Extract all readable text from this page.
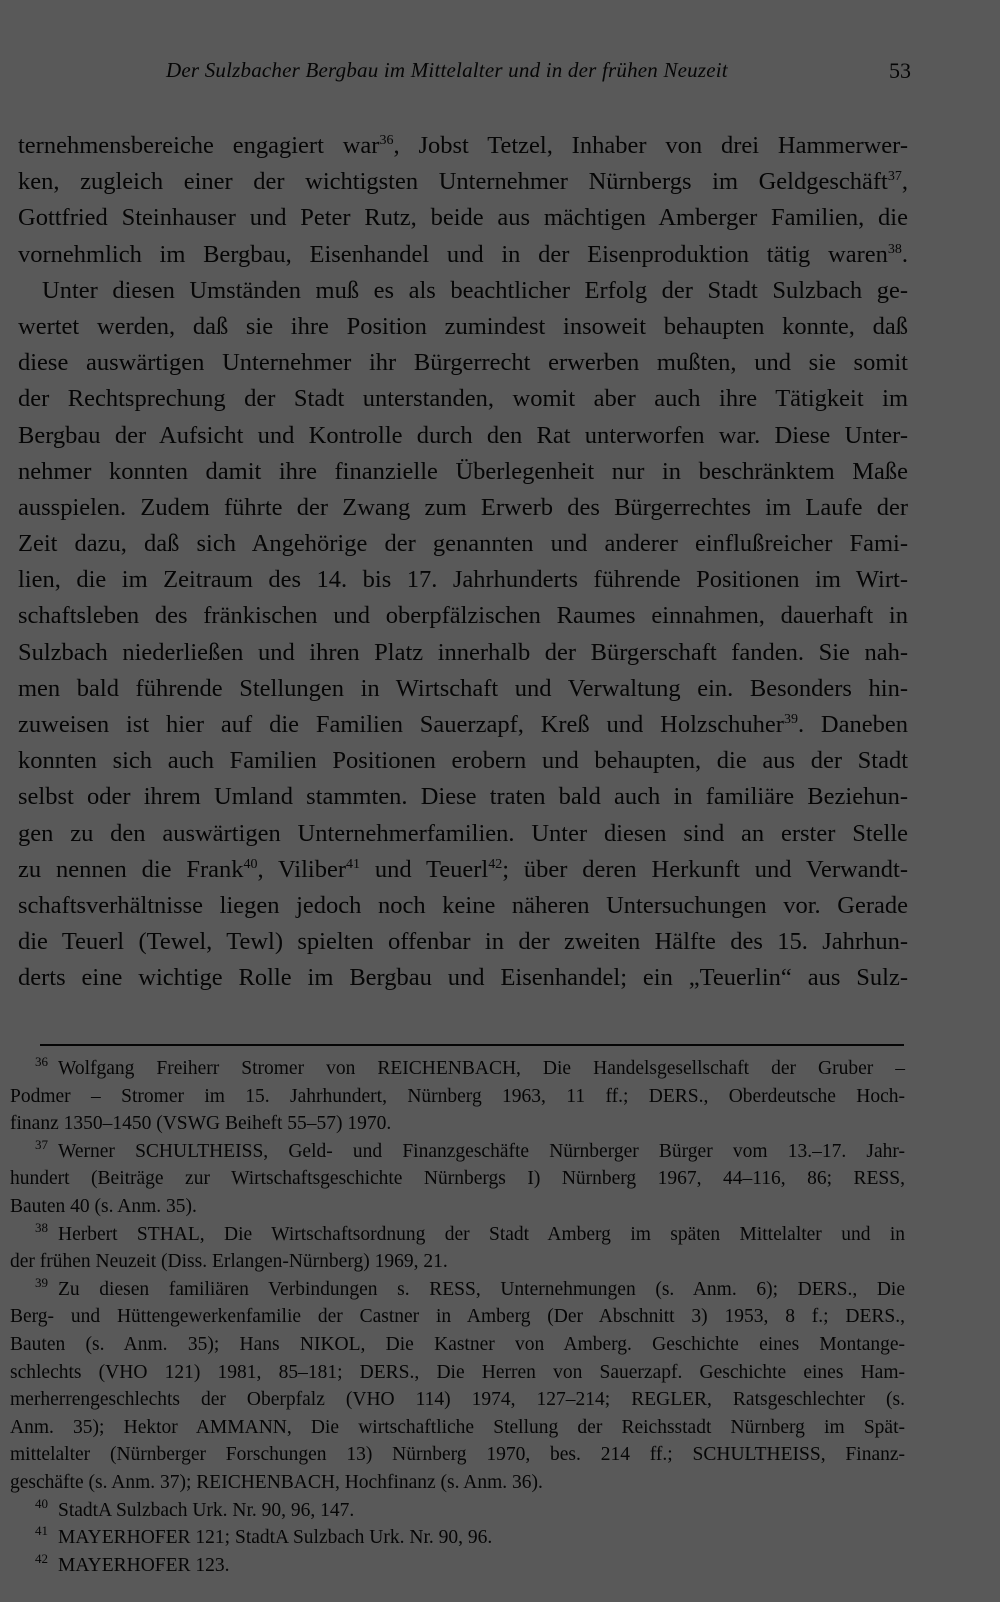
Der Sulzbacher Bergbau im Mittelalter und in der frühen Neuzeit	53
ternehmensbereiche engagiert war$^{36}$, Jobst Tetzel, Inhaber von drei Hammerwer-
ken, zugleich einer der wichtigsten Unternehmer Nürnbergs im Geldgeschäft$^{37}$,
Gottfried Steinhauser und Peter Rutz, beide aus mächtigen Amberger Familien, die
vornehmlich im Bergbau, Eisenhandel und in der Eisenproduktion tätig waren$^{38}$.
Unter diesen Umständen muß es als beachtlicher Erfolg der Stadt Sulzbach ge-
wertet werden, daß sie ihre Position zumindest insoweit behaupten konnte, daß
diese auswärtigen Unternehmer ihr Bürgerrecht erwerben mußten, und sie somit
der Rechtsprechung der Stadt unterstanden, womit aber auch ihre Tätigkeit im
Bergbau der Aufsicht und Kontrolle durch den Rat unterworfen war. Diese Unter-
nehmer konnten damit ihre finanzielle Überlegenheit nur in beschränktem Maße
ausspielen. Zudem führte der Zwang zum Erwerb des Bürgerrechtes im Laufe der
Zeit dazu, daß sich Angehörige der genannten und anderer einflußreicher Fami-
lien, die im Zeitraum des 14. bis 17. Jahrhunderts führende Positionen im Wirt-
schaftsleben des fränkischen und oberpfälzischen Raumes einnahmen, dauerhaft in
Sulzbach niederließen und ihren Platz innerhalb der Bürgerschaft fanden. Sie nah-
men bald führende Stellungen in Wirtschaft und Verwaltung ein. Besonders hin-
zuweisen ist hier auf die Familien Sauerzapf, Kreß und Holzschuher$^{39}$. Daneben
konnten sich auch Familien Positionen erobern und behaupten, die aus der Stadt
selbst oder ihrem Umland stammten. Diese traten bald auch in familiäre Beziehun-
gen zu den auswärtigen Unternehmerfamilien. Unter diesen sind an erster Stelle
zu nennen die Frank$^{40}$, Viliber$^{41}$ und Teuerl$^{42}$; über deren Herkunft und Verwandt-
schaftsverhältnisse liegen jedoch noch keine näheren Untersuchungen vor. Gerade
die Teuerl (Tewel, Tewl) spielten offenbar in der zweiten Hälfte des 15. Jahrhun-
derts eine wichtige Rolle im Bergbau und Eisenhandel; ein „Teuerlin“ aus Sulz-
$^{36}$ Wolfgang Freiherr Stromer von REICHENBACH, Die Handelsgesellschaft der Gruber –
Podmer – Stromer im 15. Jahrhundert, Nürnberg 1963, 11 ff.; DERS., Oberdeutsche Hoch-
finanz 1350–1450 (VSWG Beiheft 55–57) 1970.
$^{37}$ Werner SCHULTHEISS, Geld- und Finanzgeschäfte Nürnberger Bürger vom 13.–17. Jahr-
hundert (Beiträge zur Wirtschaftsgeschichte Nürnbergs I) Nürnberg 1967, 44–116, 86; RESS,
Bauten 40 (s. Anm. 35).
$^{38}$ Herbert STHAL, Die Wirtschaftsordnung der Stadt Amberg im späten Mittelalter und in
der frühen Neuzeit (Diss. Erlangen-Nürnberg) 1969, 21.
$^{39}$ Zu diesen familiären Verbindungen s. RESS, Unternehmungen (s. Anm. 6); DERS., Die
Berg- und Hüttengewerkenfamilie der Castner in Amberg (Der Abschnitt 3) 1953, 8 f.; DERS.,
Bauten (s. Anm. 35); Hans NIKOL, Die Kastner von Amberg. Geschichte eines Montange-
schlechts (VHO 121) 1981, 85–181; DERS., Die Herren von Sauerzapf. Geschichte eines Ham-
merherrengeschlechts der Oberpfalz (VHO 114) 1974, 127–214; REGLER, Ratsgeschlechter (s.
Anm. 35); Hektor AMMANN, Die wirtschaftliche Stellung der Reichsstadt Nürnberg im Spät-
mittelalter (Nürnberger Forschungen 13) Nürnberg 1970, bes. 214 ff.; SCHULTHEISS, Finanz-
geschäfte (s. Anm. 37); REICHENBACH, Hochfinanz (s. Anm. 36).
$^{40}$ StadtA Sulzbach Urk. Nr. 90, 96, 147.
$^{41}$ MAYERHOFER 121; StadtA Sulzbach Urk. Nr. 90, 96.
$^{42}$ MAYERHOFER 123.
